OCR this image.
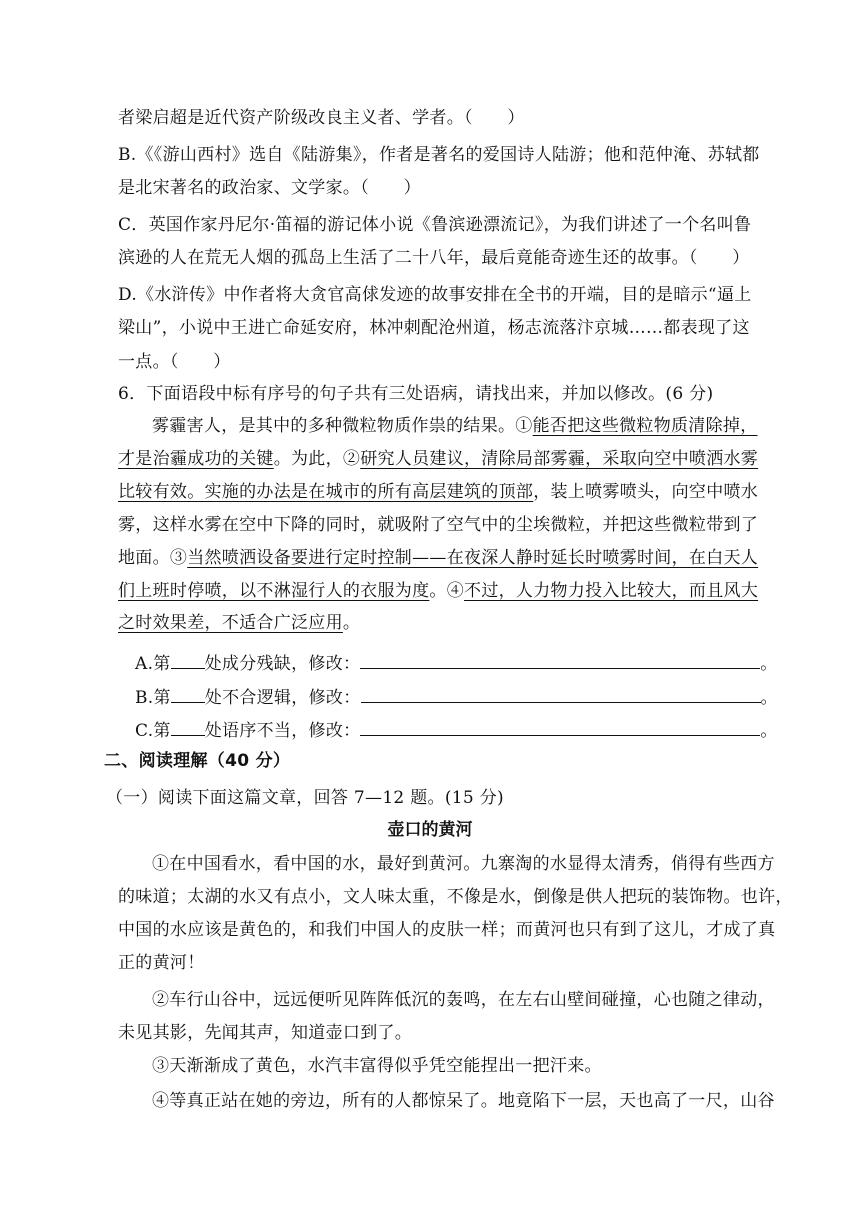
者梁启超是近代资产阶级改良主义者、学者。（　　）
B.《《游山西村》选自《陆游集》，作者是著名的爱国诗人陆游；他和范仲淹、苏轼都
是北宋著名的政治家、文学家。（　　）
C．英国作家丹尼尔·笛福的游记体小说《鲁滨逊漂流记》，为我们讲述了一个名叫鲁
滨逊的人在荒无人烟的孤岛上生活了二十八年，最后竟能奇迹生还的故事。（　　）
D.《水浒传》中作者将大贪官高俅发迹的故事安排在全书的开端，目的是暗示“逼上
梁山”，小说中王进亡命延安府，林冲刺配沧州道，杨志流落汴京城……都表现了这
一点。（　　）
6．下面语段中标有序号的句子共有三处语病，请找出来，并加以修改。(6 分)
雾霾害人，是其中的多种微粒物质作祟的结果。①能否把这些微粒物质清除掉，
才是治霾成功的关键。为此，②研究人员建议，清除局部雾霾，采取向空中喷洒水雾
比较有效。实施的办法是在城市的所有高层建筑的顶部，装上喷雾喷头，向空中喷水
雾，这样水雾在空中下降的同时，就吸附了空气中的尘埃微粒，并把这些微粒带到了
地面。③当然喷洒设备要进行定时控制——在夜深人静时延长时喷雾时间，在白天人
们上班时停喷，以不淋湿行人的衣服为度。④不过，人力物力投入比较大，而且风大
之时效果差，不适合广泛应用。
A.第 处成分残缺，修改：	。
B.第 处不合逻辑，修改：	。
C.第 处语序不当，修改：	。
二、阅读理解（40 分）
（一）阅读下面这篇文章，回答 7—12 题。(15 分)
壶口的黄河
①在中国看水，看中国的水，最好到黄河。九寨淘的水显得太清秀，俏得有些西方
的味道；太湖的水又有点小，文人味太重，不像是水，倒像是供人把玩的装饰物。也许，
中国的水应该是黄色的，和我们中国人的皮肤一样；而黄河也只有到了这儿，才成了真
正的黄河！
②车行山谷中，远远便听见阵阵低沉的轰鸣，在左右山壁间碰撞，心也随之律动，
未见其影，先闻其声，知道壶口到了。
③天渐渐成了黄色，水汽丰富得似乎凭空能捏出一把汗来。
④等真正站在她的旁边，所有的人都惊呆了。地竟陷下一层，天也高了一尺，山谷
